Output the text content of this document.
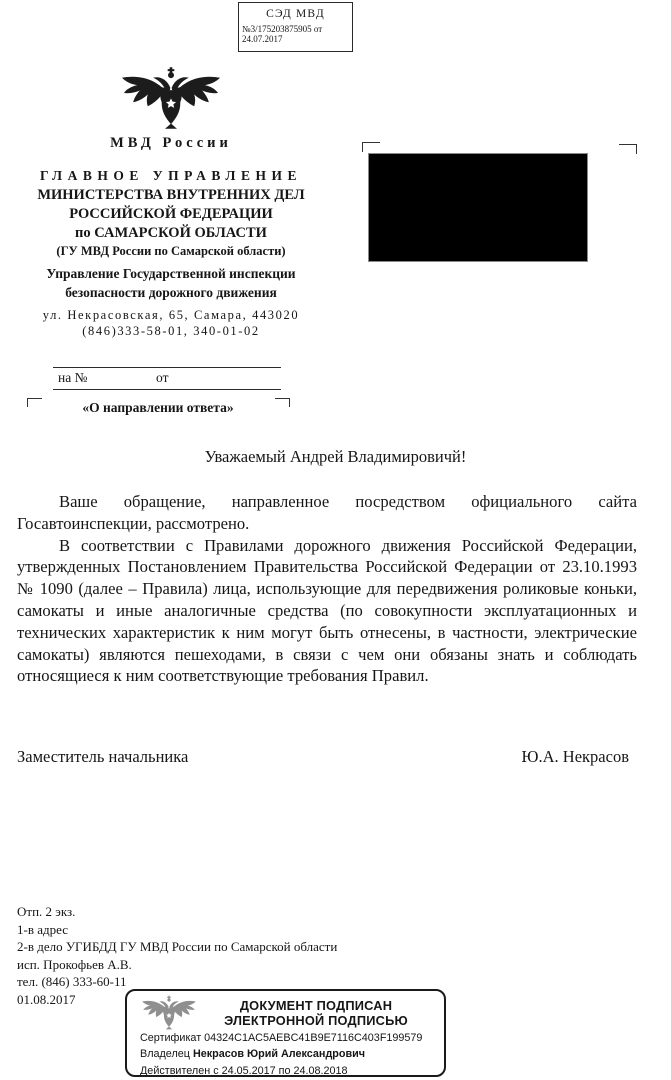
СЭД МВД
№3/175203875905 от
24.07.2017
МВД России
ГЛАВНОЕ УПРАВЛЕНИЕ
МИНИСТЕРСТВА ВНУТРЕННИХ ДЕЛ
РОССИЙСКОЙ ФЕДЕРАЦИИ
по САМАРСКОЙ ОБЛАСТИ
(ГУ МВД России по Самарской области)
Управление Государственной инспекции
безопасности дорожного движения
ул. Некрасовская, 65, Самара, 443020
(846)333-58-01, 340-01-02
на №	от
«О направлении ответа»
Уважаемый Андрей Владимировичй!

Ваше обращение, направленное посредством официального сайта Госавтоинспекции, рассмотрено.

В соответствии с Правилами дорожного движения Российской Федерации, утвержденных Постановлением Правительства Российской Федерации от 23.10.1993 № 1090 (далее – Правила) лица, использующие для передвижения роликовые коньки, самокаты и иные аналогичные средства (по совокупности эксплуатационных и технических характеристик к ним могут быть отнесены, в частности, электрические самокаты) являются пешеходами, в связи с чем они обязаны знать и соблюдать относящиеся к ним соответствующие требования Правил.

Заместитель начальника	Ю.А. Некрасов
Отп. 2 экз.
1-в адрес
2-в дело УГИБДД ГУ МВД России по Самарской области
исп. Прокофьев А.В.
тел. (846) 333-60-11
01.08.2017	ДОКУМЕНТ ПОДПИСАН
ЭЛЕКТРОННОЙ ПОДПИСЬЮ
Сертификат 04324C1AC5AEBC41B9E7116C403F199579
Владелец Некрасов Юрий Александрович
Действителен с 24.05.2017 по 24.08.2018
